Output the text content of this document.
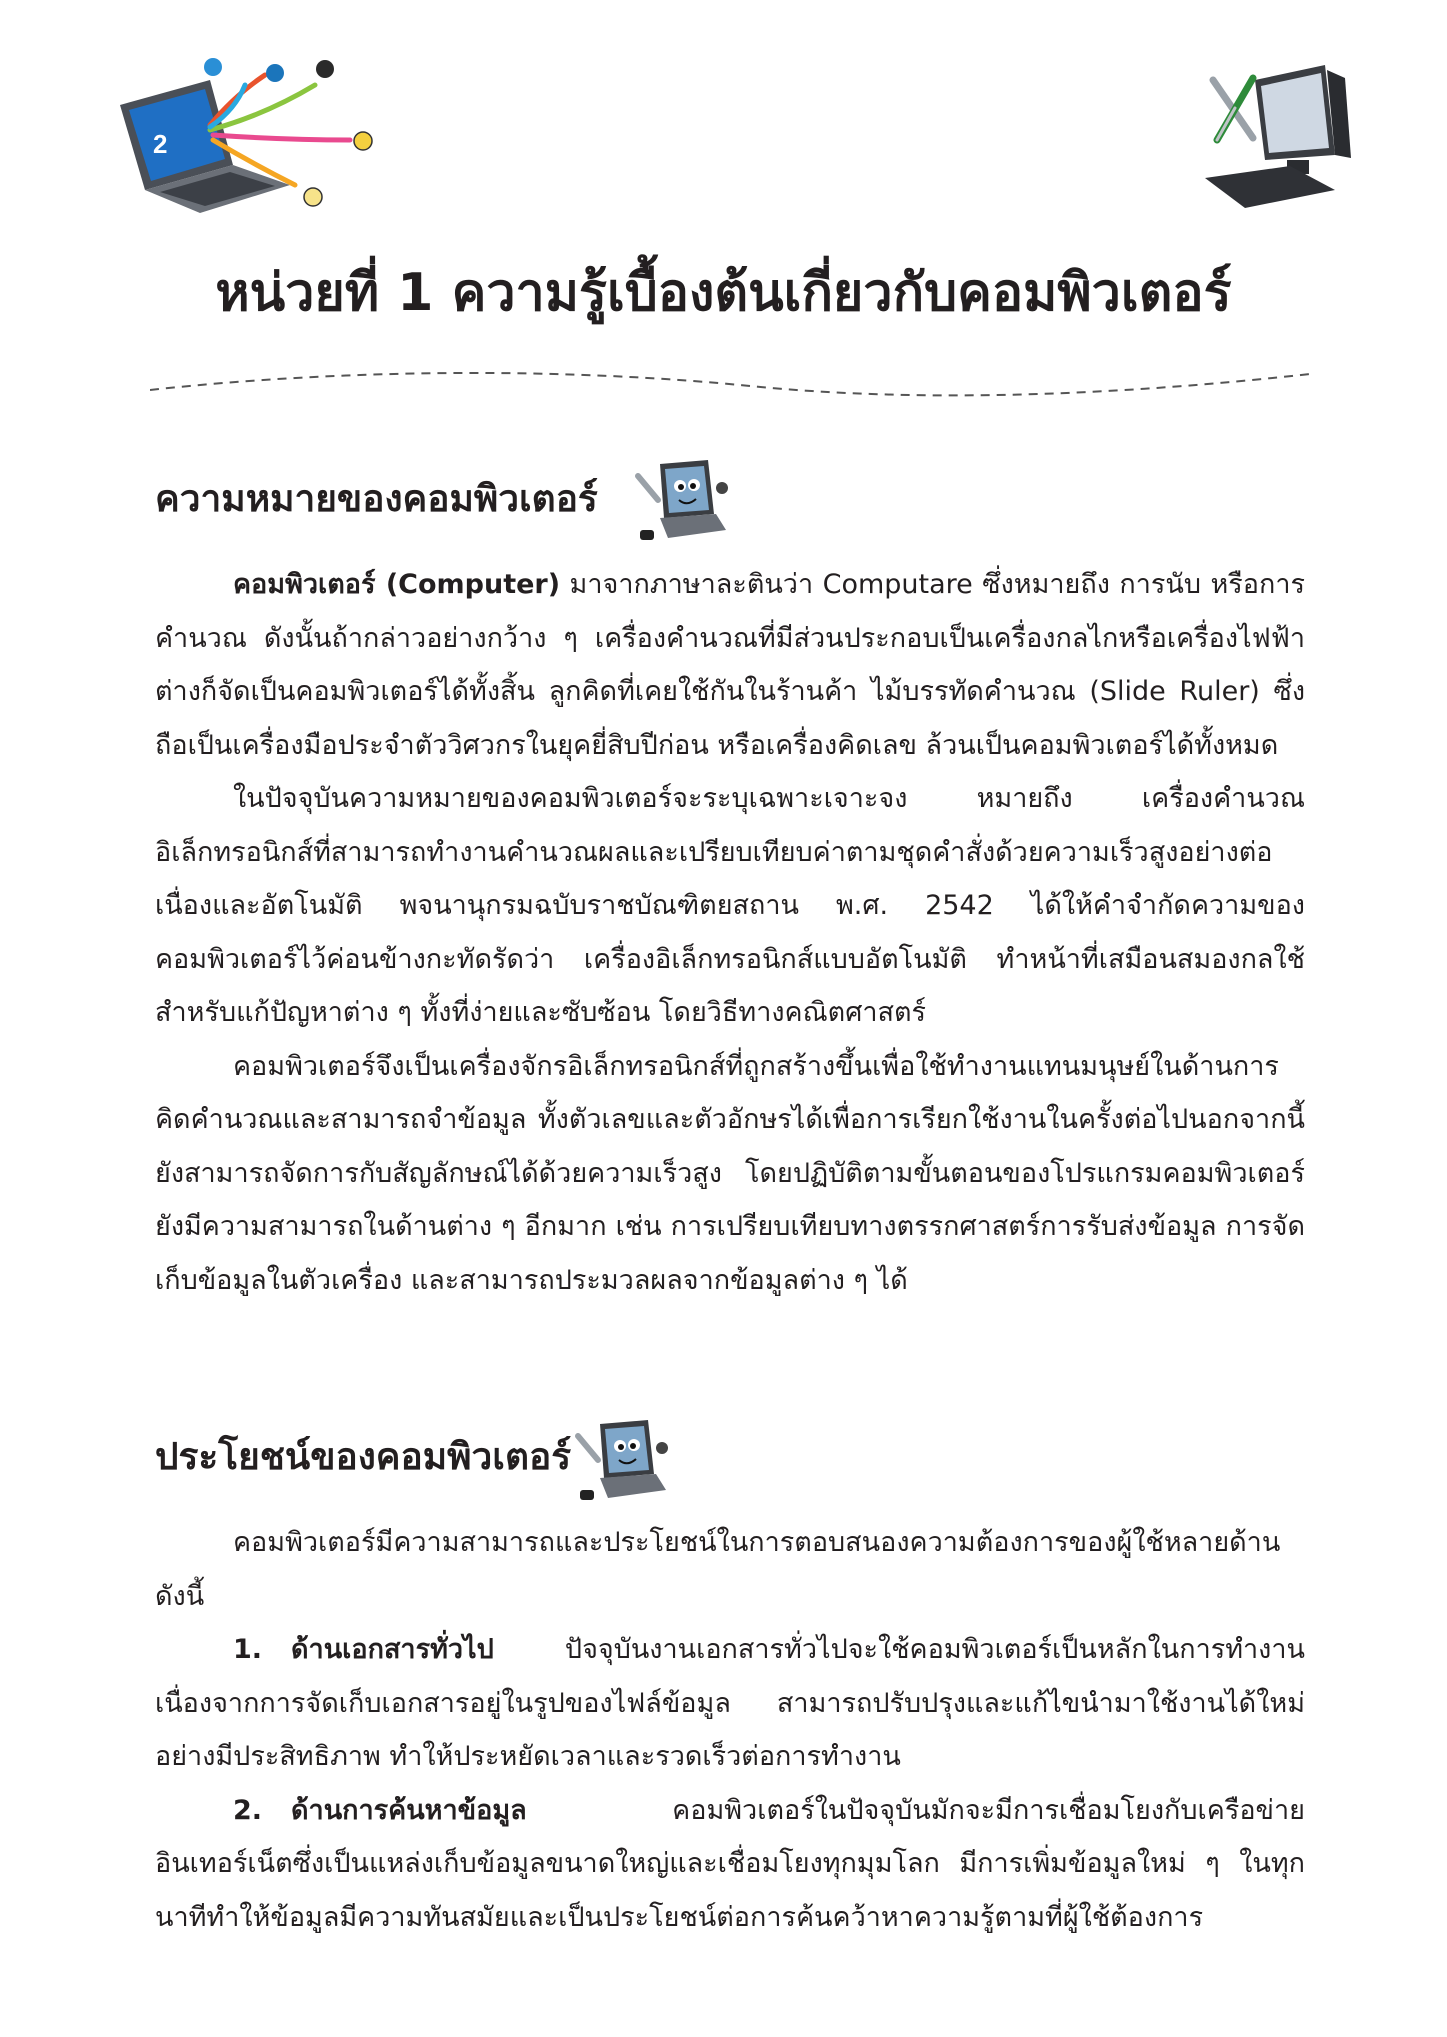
2
หน่วยที่ 1 ความรู้เบื้องต้นเกี่ยวกับคอมพิวเตอร์
ความหมายของคอมพิวเตอร์

คอมพิวเตอร์ (Computer) มาจากภาษาละตินว่า Computare ซึ่งหมายถึง การนับ หรือการคำนวณ ดังนั้นถ้ากล่าวอย่างกว้าง ๆ เครื่องคำนวณที่มีส่วนประกอบเป็นเครื่องกลไกหรือเครื่องไฟฟ้าต่างก็จัดเป็นคอมพิวเตอร์ได้ทั้งสิ้น ลูกคิดที่เคยใช้กันในร้านค้า ไม้บรรทัดคำนวณ (Slide Ruler) ซึ่งถือเป็นเครื่องมือประจำตัววิศวกรในยุคยี่สิบปีก่อน หรือเครื่องคิดเลข ล้วนเป็นคอมพิวเตอร์ได้ทั้งหมด

ในปัจจุบันความหมายของคอมพิวเตอร์จะระบุเฉพาะเจาะจง หมายถึง เครื่องคำนวณอิเล็กทรอนิกส์ที่สามารถทำงานคำนวณผลและเปรียบเทียบค่าตามชุดคำสั่งด้วยความเร็วสูงอย่างต่อเนื่องและอัตโนมัติ พจนานุกรมฉบับราชบัณฑิตยสถาน พ.ศ. 2542 ได้ให้คำจำกัดความของคอมพิวเตอร์ไว้ค่อนข้างกะทัดรัดว่า เครื่องอิเล็กทรอนิกส์แบบอัตโนมัติ ทำหน้าที่เสมือนสมองกลใช้สำหรับแก้ปัญหาต่าง ๆ ทั้งที่ง่ายและซับซ้อน โดยวิธีทางคณิตศาสตร์

คอมพิวเตอร์จึงเป็นเครื่องจักรอิเล็กทรอนิกส์ที่ถูกสร้างขึ้นเพื่อใช้ทำงานแทนมนุษย์ในด้านการคิดคำนวณและสามารถจำข้อมูล ทั้งตัวเลขและตัวอักษรได้เพื่อการเรียกใช้งานในครั้งต่อไปนอกจากนี้ยังสามารถจัดการกับสัญลักษณ์ได้ด้วยความเร็วสูง โดยปฏิบัติตามขั้นตอนของโปรแกรมคอมพิวเตอร์ยังมีความสามารถในด้านต่าง ๆ อีกมาก เช่น การเปรียบเทียบทางตรรกศาสตร์การรับส่งข้อมูล การจัดเก็บข้อมูลในตัวเครื่อง และสามารถประมวลผลจากข้อมูลต่าง ๆ ได้

ประโยชน์ของคอมพิวเตอร์

คอมพิวเตอร์มีความสามารถและประโยชน์ในการตอบสนองความต้องการของผู้ใช้หลายด้าน ดังนี้

1. ด้านเอกสารทั่วไป ปัจจุบันงานเอกสารทั่วไปจะใช้คอมพิวเตอร์เป็นหลักในการทำงาน เนื่องจากการจัดเก็บเอกสารอยู่ในรูปของไฟล์ข้อมูล สามารถปรับปรุงและแก้ไขนำมาใช้งานได้ใหม่อย่างมีประสิทธิภาพ ทำให้ประหยัดเวลาและรวดเร็วต่อการทำงาน

2. ด้านการค้นหาข้อมูล คอมพิวเตอร์ในปัจจุบันมักจะมีการเชื่อมโยงกับเครือข่ายอินเทอร์เน็ตซึ่งเป็นแหล่งเก็บข้อมูลขนาดใหญ่และเชื่อมโยงทุกมุมโลก มีการเพิ่มข้อมูลใหม่ ๆ ในทุกนาทีทำให้ข้อมูลมีความทันสมัยและเป็นประโยชน์ต่อการค้นคว้าหาความรู้ตามที่ผู้ใช้ต้องการ
